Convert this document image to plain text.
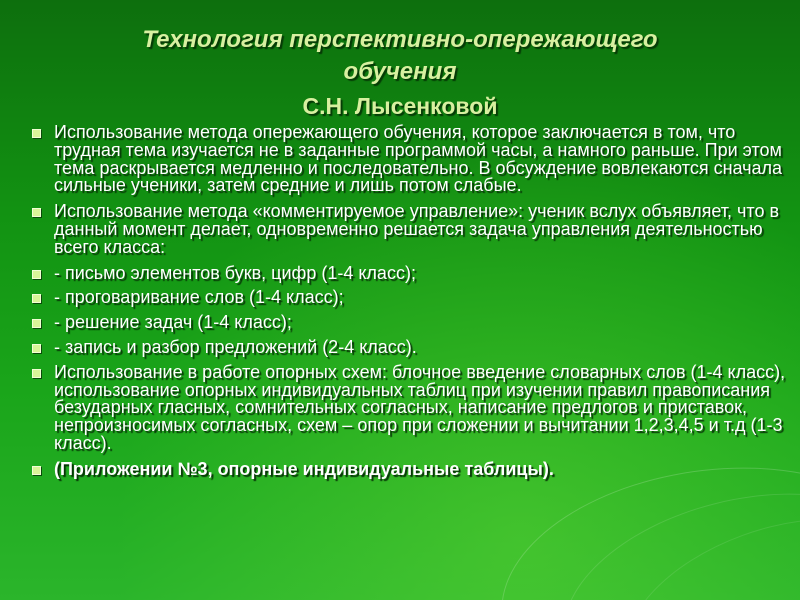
Технология перспективно-опережающего
обучения
С.Н. Лысенковой
Использование метода опережающего обучения, которое заключается в том, что трудная тема изучается не в заданные программой часы, а намного раньше. При этом тема раскрывается медленно и последовательно. В обсуждение вовлекаются сначала сильные ученики, затем средние и лишь потом слабые.
Использование метода «комментируемое управление»: ученик вслух объявляет, что в данный момент делает, одновременно решается задача управления деятельностью всего класса:
- письмо элементов букв, цифр (1-4 класс);
- проговаривание слов (1-4 класс);
- решение задач (1-4 класс);
- запись и разбор предложений (2-4 класс).
Использование в работе опорных схем: блочное введение словарных слов (1-4 класс), использование опорных индивидуальных таблиц при изучении правил правописания безударных гласных, сомнительных согласных, написание предлогов и приставок, непроизносимых согласных, схем – опор при сложении и вычитании 1,2,3,4,5 и т.д (1-3 класс).
(Приложении №3, опорные индивидуальные таблицы).
